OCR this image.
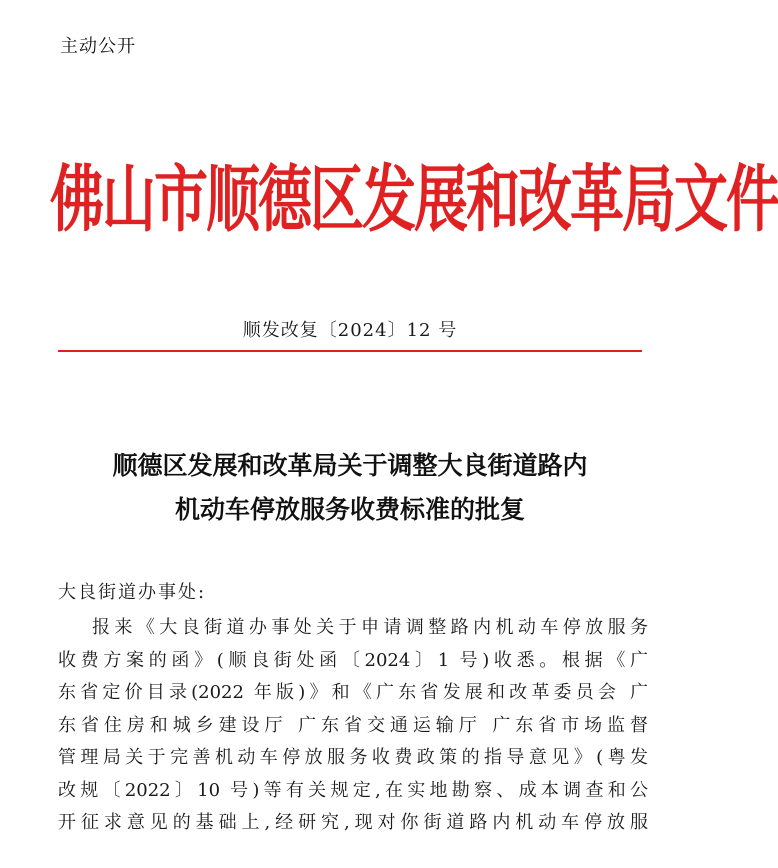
主动公开
佛山市顺德区发展和改革局文件
顺发改复〔2024〕12 号
顺德区发展和改革局关于调整大良街道路内
机动车停放服务收费标准的批复
大良街道办事处:
报来《大良街道办事处关于申请调整路内机动车停放服务
收费方案的函》(顺良街处函〔2024〕1 号)收悉。根据《广
东省定价目录(2022 年版)》和《广东省发展和改革委员会 广
东省住房和城乡建设厅 广东省交通运输厅 广东省市场监督
管理局关于完善机动车停放服务收费政策的指导意见》(粤发
改规〔2022〕10 号)等有关规定,在实地勘察、成本调查和公
开征求意见的基础上,经研究,现对你街道路内机动车停放服
